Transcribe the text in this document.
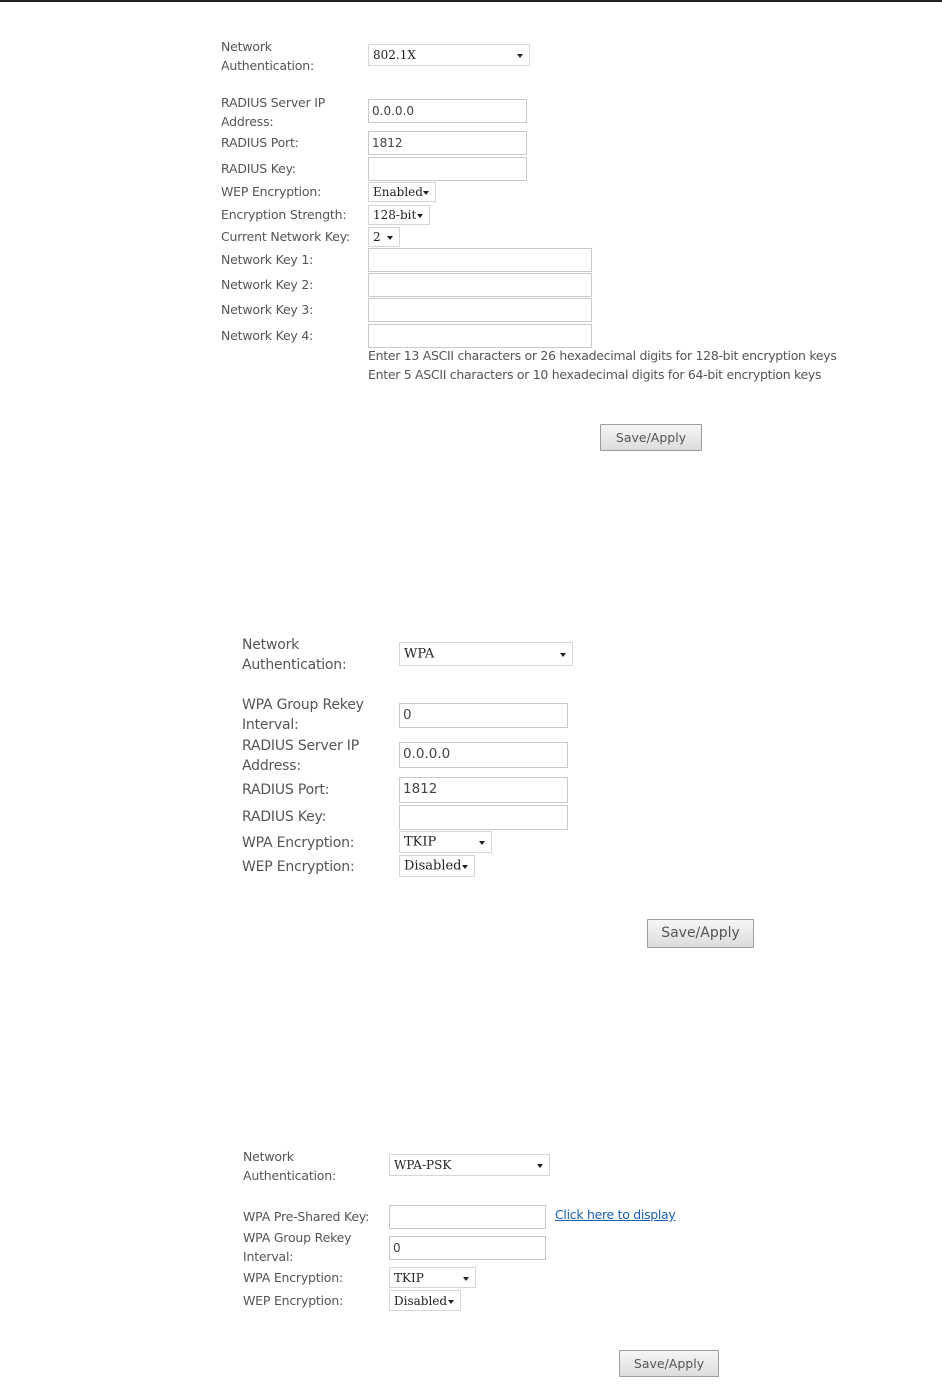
Network
Authentication:
802.1X
RADIUS Server IP
Address:
0.0.0.0
RADIUS Port:	1812
RADIUS Key:
WEP Encryption:	Enabled
Encryption Strength: 128-bit
Current Network Key: 2
Network Key 1:
Network Key 2:
Network Key 3:
Network Key 4:
Enter 13 ASCII characters or 26 hexadecimal digits for 128-bit encryption keys
Enter 5 ASCII characters or 10 hexadecimal digits for 64-bit encryption keys
Save/Apply
Network
Authentication:
WPA
WPA Group Rekey
Interval:
0
RADIUS Server IP
Address:
0.0.0.0
RADIUS Port:	1812
RADIUS Key:
WPA Encryption:	TKIP
WEP Encryption:	Disabled
Save/Apply
Network
Authentication:
WPA-PSK
WPA Pre-Shared Key:	Click here to display
WPA Group Rekey
Interval:
0
WPA Encryption:	TKIP
WEP Encryption:	Disabled
Save/Apply
